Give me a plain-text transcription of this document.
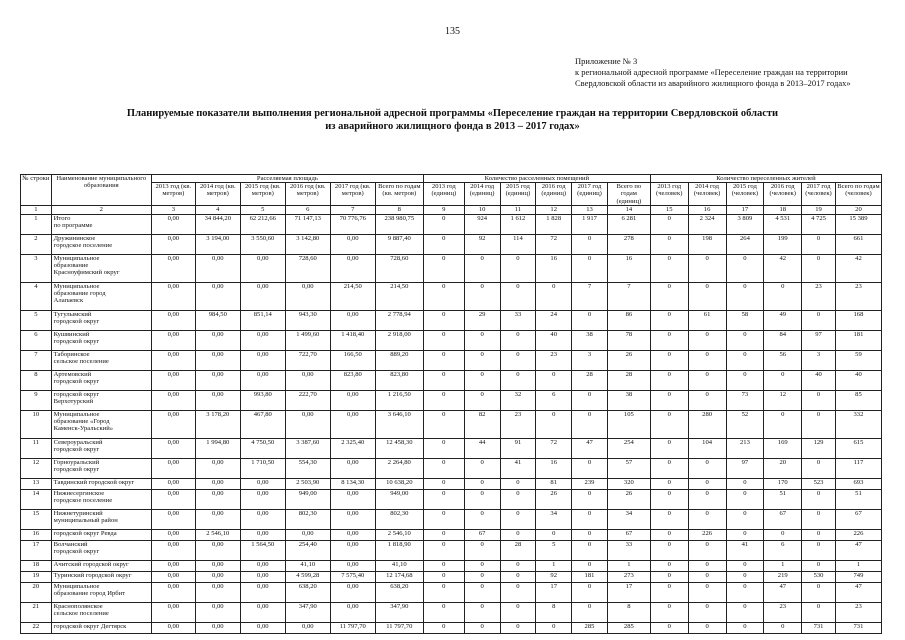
135
Приложение № 3
к региональной адресной программе «Переселение граждан на территории
Свердловской области из аварийного жилищного фонда в 2013–2017 годах»
Планируемые показатели выполнения региональной адресной программы «Переселение граждан на территории Свердловской области
из аварийного жилищного фонда в 2013 – 2017 годах»
№ строки	Наименование муниципального образования	Расселяемая площадь						Количество расселенных помещений						Количество переселенных жителей					
		2013 год (кв. метров)	2014 год (кв. метров)	2015 год (кв. метров)	2016 год (кв. метров)	2017 год (кв. метров)	Всего по годам (кв. метров)	2013 год (единиц)	2014 год (единиц)	2015 год (единиц)	2016 год (единиц)	2017 год (единиц)	Всего по годам (единиц)	2013 год (человек)	2014 год (человек)	2015 год (человек)	2016 год (человек)	2017 год (человек)	Всего по годам (человек)
1	2	3	4	5	6	7	8	9	10	11	12	13	14	15	16	17	18	19	20
1	Итого
по программе	0,00	34 844,20	62 212,66	71 147,13	70 776,76	238 980,75	0	924	1 612	1 828	1 917	6 281	0	2 324	3 809	4 531	4 725	15 389
2	Дружининское
городское поселение	0,00	3 194,00	3 550,60	3 142,80	0,00	9 887,40	0	92	114	72	0	278	0	198	264	199	0	661
3	Муниципальное
образование
Красноуфимский округ	0,00	0,00	0,00	728,60	0,00	728,60	0	0	0	16	0	16	0	0	0	42	0	42
4	Муниципальное
образование город
Алапаевск	0,00	0,00	0,00	0,00	214,50	214,50	0	0	0	0	7	7	0	0	0	0	23	23
5	Тугулымский
городской округ	0,00	984,50	851,14	943,30	0,00	2 778,94	0	29	33	24	0	86	0	61	58	49	0	168
6	Кушвинский
городской округ	0,00	0,00	0,00	1 499,60	1 418,40	2 918,00	0	0	0	40	38	78	0	0	0	84	97	181
7	Таборинское
сельское поселение	0,00	0,00	0,00	722,70	166,50	889,20	0	0	0	23	3	26	0	0	0	56	3	59
8	Артемовский
городской округ	0,00	0,00	0,00	0,00	823,80	823,80	0	0	0	0	28	28	0	0	0	0	40	40
9	городской округ
Верхотурский	0,00	0,00	993,80	222,70	0,00	1 216,50	0	0	32	6	0	38	0	0	73	12	0	85
10	Муниципальное
образование «Город
Каменск-Уральский»	0,00	3 178,20	467,80	0,00	0,00	3 646,10	0	82	23	0	0	105	0	280	52	0	0	332
11	Североуральский
городской округ	0,00	1 994,80	4 750,50	3 387,60	2 325,40	12 458,30	0	44	91	72	47	254	0	104	213	169	129	615
12	Горноуральский
городской округ	0,00	0,00	1 710,50	554,30	0,00	2 264,80	0	0	41	16	0	57	0	0	97	20	0	117
13	Тавдинский городской округ	0,00	0,00	0,00	2 503,90	8 134,30	10 638,20	0	0	0	81	239	320	0	0	0	170	523	693
14	Нижнесергинское
городское поселение	0,00	0,00	0,00	949,00	0,00	949,00	0	0	0	26	0	26	0	0	0	51	0	51
15	Нижнетуринский
муниципальный район	0,00	0,00	0,00	802,30	0,00	802,30	0	0	0	34	0	34	0	0	0	67	0	67
16	городской округ Ревда	0,00	2 546,10	0,00	0,00	0,00	2 546,10	0	67	0	0	0	67	0	226	0	0	0	226
17	Волчанский
городской округ	0,00	0,00	1 564,50	254,40	0,00	1 818,90	0	0	28	5	0	33	0	0	41	6	0	47
18	Ачитский городской округ	0,00	0,00	0,00	41,10	0,00	41,10	0	0	0	1	0	1	0	0	0	1	0	1
19	Туринский городской округ	0,00	0,00	0,00	4 599,28	7 575,40	12 174,68	0	0	0	92	181	273	0	0	0	219	530	749
20	Муниципальное
образование город Ирбит	0,00	0,00	0,00	638,20	0,00	638,20	0	0	0	17	0	17	0	0	0	47	0	47
21	Краснополянское
сельское поселение	0,00	0,00	0,00	347,90	0,00	347,90	0	0	0	8	0	8	0	0	0	23	0	23
22	городской округ Дегтярск	0,00	0,00	0,00	0,00	11 797,70	11 797,70	0	0	0	0	285	285	0	0	0	0	731	731
